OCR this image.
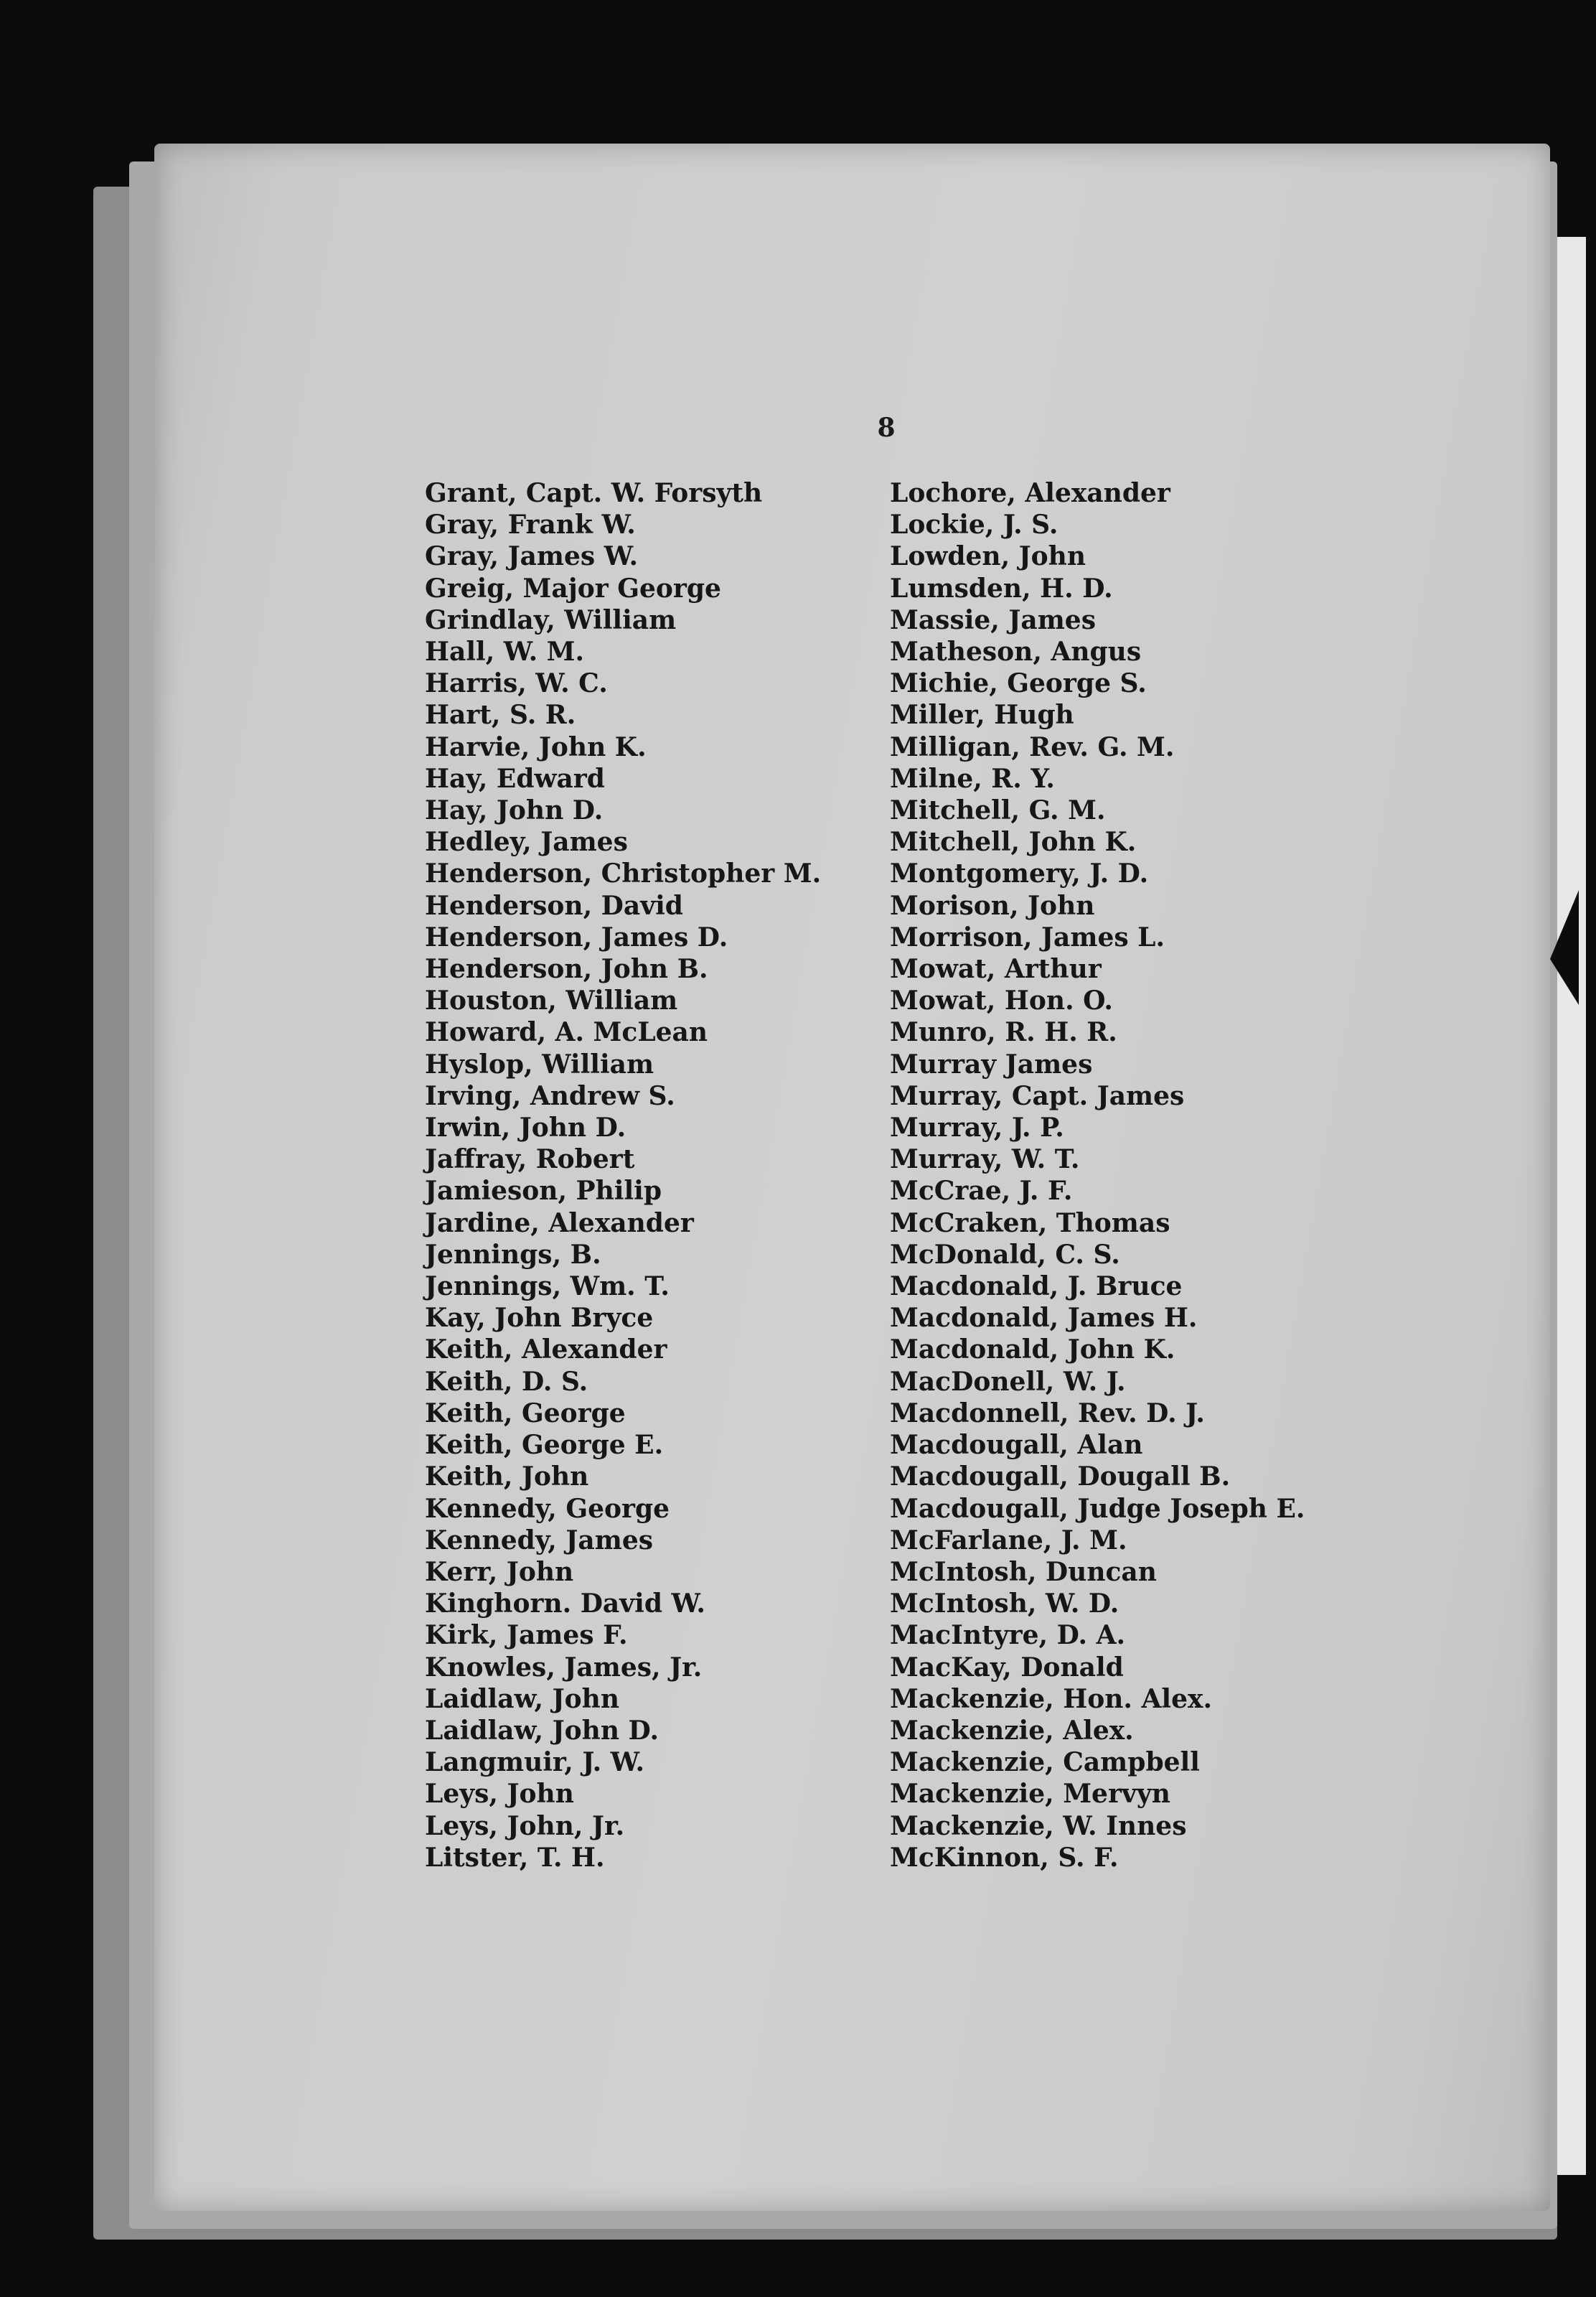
8
Grant, Capt. W. Forsyth
Gray, Frank W.
Gray, James W.
Greig, Major George
Grindlay, William
Hall, W. M.
Harris, W. C.
Hart, S. R.
Harvie, John K.
Hay, Edward
Hay, John D.
Hedley, James
Henderson, Christopher M.
Henderson, David
Henderson, James D.
Henderson, John B.
Houston, William
Howard, A. McLean
Hyslop, William
Irving, Andrew S.
Irwin, John D.
Jaffray, Robert
Jamieson, Philip
Jardine, Alexander
Jennings, B.
Jennings, Wm. T.
Kay, John Bryce
Keith, Alexander
Keith, D. S.
Keith, George
Keith, George E.
Keith, John
Kennedy, George
Kennedy, James
Kerr, John
Kinghorn. David W.
Kirk, James F.
Knowles, James, Jr.
Laidlaw, John
Laidlaw, John D.
Langmuir, J. W.
Leys, John
Leys, John, Jr.
Litster, T. H.
Lochore, Alexander
Lockie, J. S.
Lowden, John
Lumsden, H. D.
Massie, James
Matheson, Angus
Michie, George S.
Miller, Hugh
Milligan, Rev. G. M.
Milne, R. Y.
Mitchell, G. M.
Mitchell, John K.
Montgomery, J. D.
Morison, John
Morrison, James L.
Mowat, Arthur
Mowat, Hon. O.
Munro, R. H. R.
Murray James
Murray, Capt. James
Murray, J. P.
Murray, W. T.
McCrae, J. F.
McCraken, Thomas
McDonald, C. S.
Macdonald, J. Bruce
Macdonald, James H.
Macdonald, John K.
MacDonell, W. J.
Macdonnell, Rev. D. J.
Macdougall, Alan
Macdougall, Dougall B.
Macdougall, Judge Joseph E.
McFarlane, J. M.
McIntosh, Duncan
McIntosh, W. D.
MacIntyre, D. A.
MacKay, Donald
Mackenzie, Hon. Alex.
Mackenzie, Alex.
Mackenzie, Campbell
Mackenzie, Mervyn
Mackenzie, W. Innes
McKinnon, S. F.
